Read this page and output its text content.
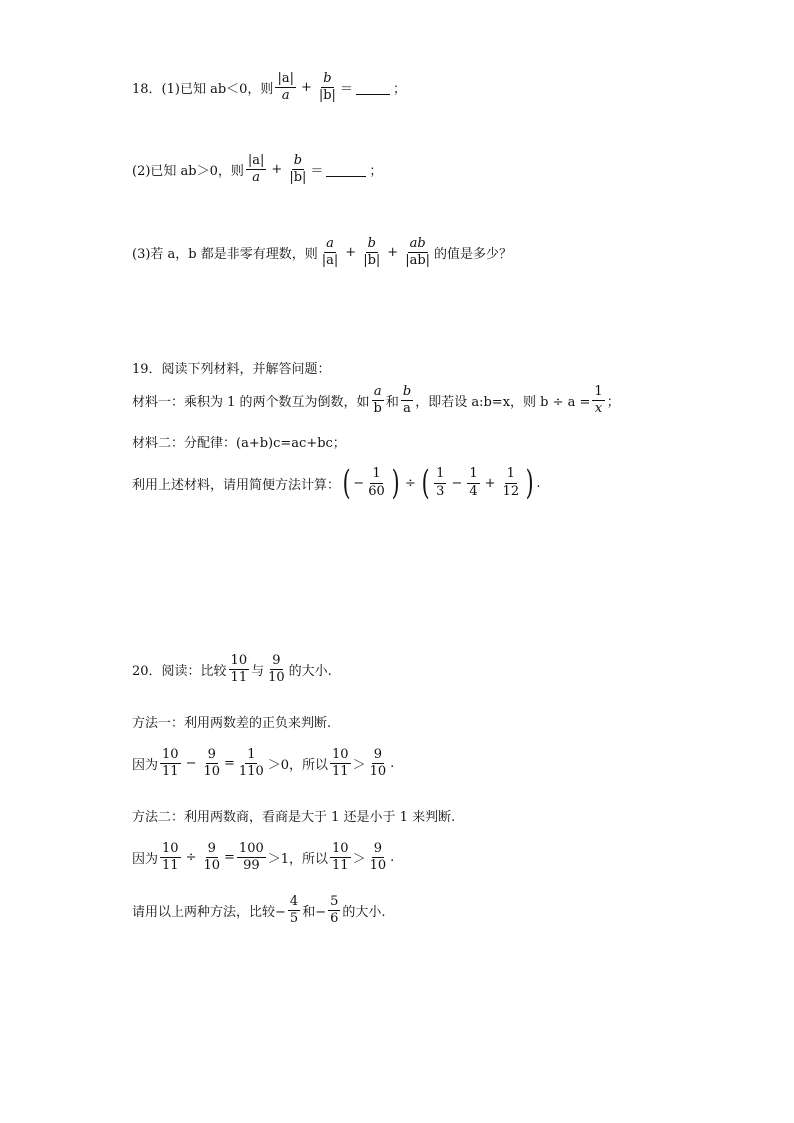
18．(1)已知 ab＜0，则 $\frac{|a|}{a} + \frac{b}{|b|}$ ＝	；
(2)已知 ab＞0，则 $\frac{|a|}{a} + \frac{b}{|b|}$ ＝	；
(3)若 a，b 都是非零有理数，则 $\frac{a}{|a|} + \frac{b}{|b|} + \frac{ab}{|ab|}$ 的值是多少？
19．阅读下列材料，并解答问题：
材料一：乘积为 1 的两个数互为倒数，如 $\frac{a}{b}$ 和 $\frac{b}{a}$ ，即若设 a:b=x，则 $b \div a = \frac{1}{x}$ ；
材料二：分配律：(a+b)c=ac+bc；
利用上述材料，请用简便方法计算： ( − $\frac{1}{60}$ ) ÷ ( $\frac{1}{3} - \frac{1}{4} + \frac{1}{12}$ ) .
20．阅读：比较 $\frac{10}{11}$ 与 $\frac{9}{10}$ 的大小.
方法一：利用两数差的正负来判断.
因为 $\frac{10}{11} - \frac{9}{10} = \frac{1}{110} >0$，所以 $\frac{10}{11} > \frac{9}{10}$ .
方法二：利用两数商，看商是大于 1 还是小于 1 来判断.
因为 $\frac{10}{11} \div \frac{9}{10} = \frac{100}{99} >1$，所以 $\frac{10}{11} > \frac{9}{10}$ .
请用以上两种方法，比较− $\frac{4}{5}$ 和− $\frac{5}{6}$ 的大小.
